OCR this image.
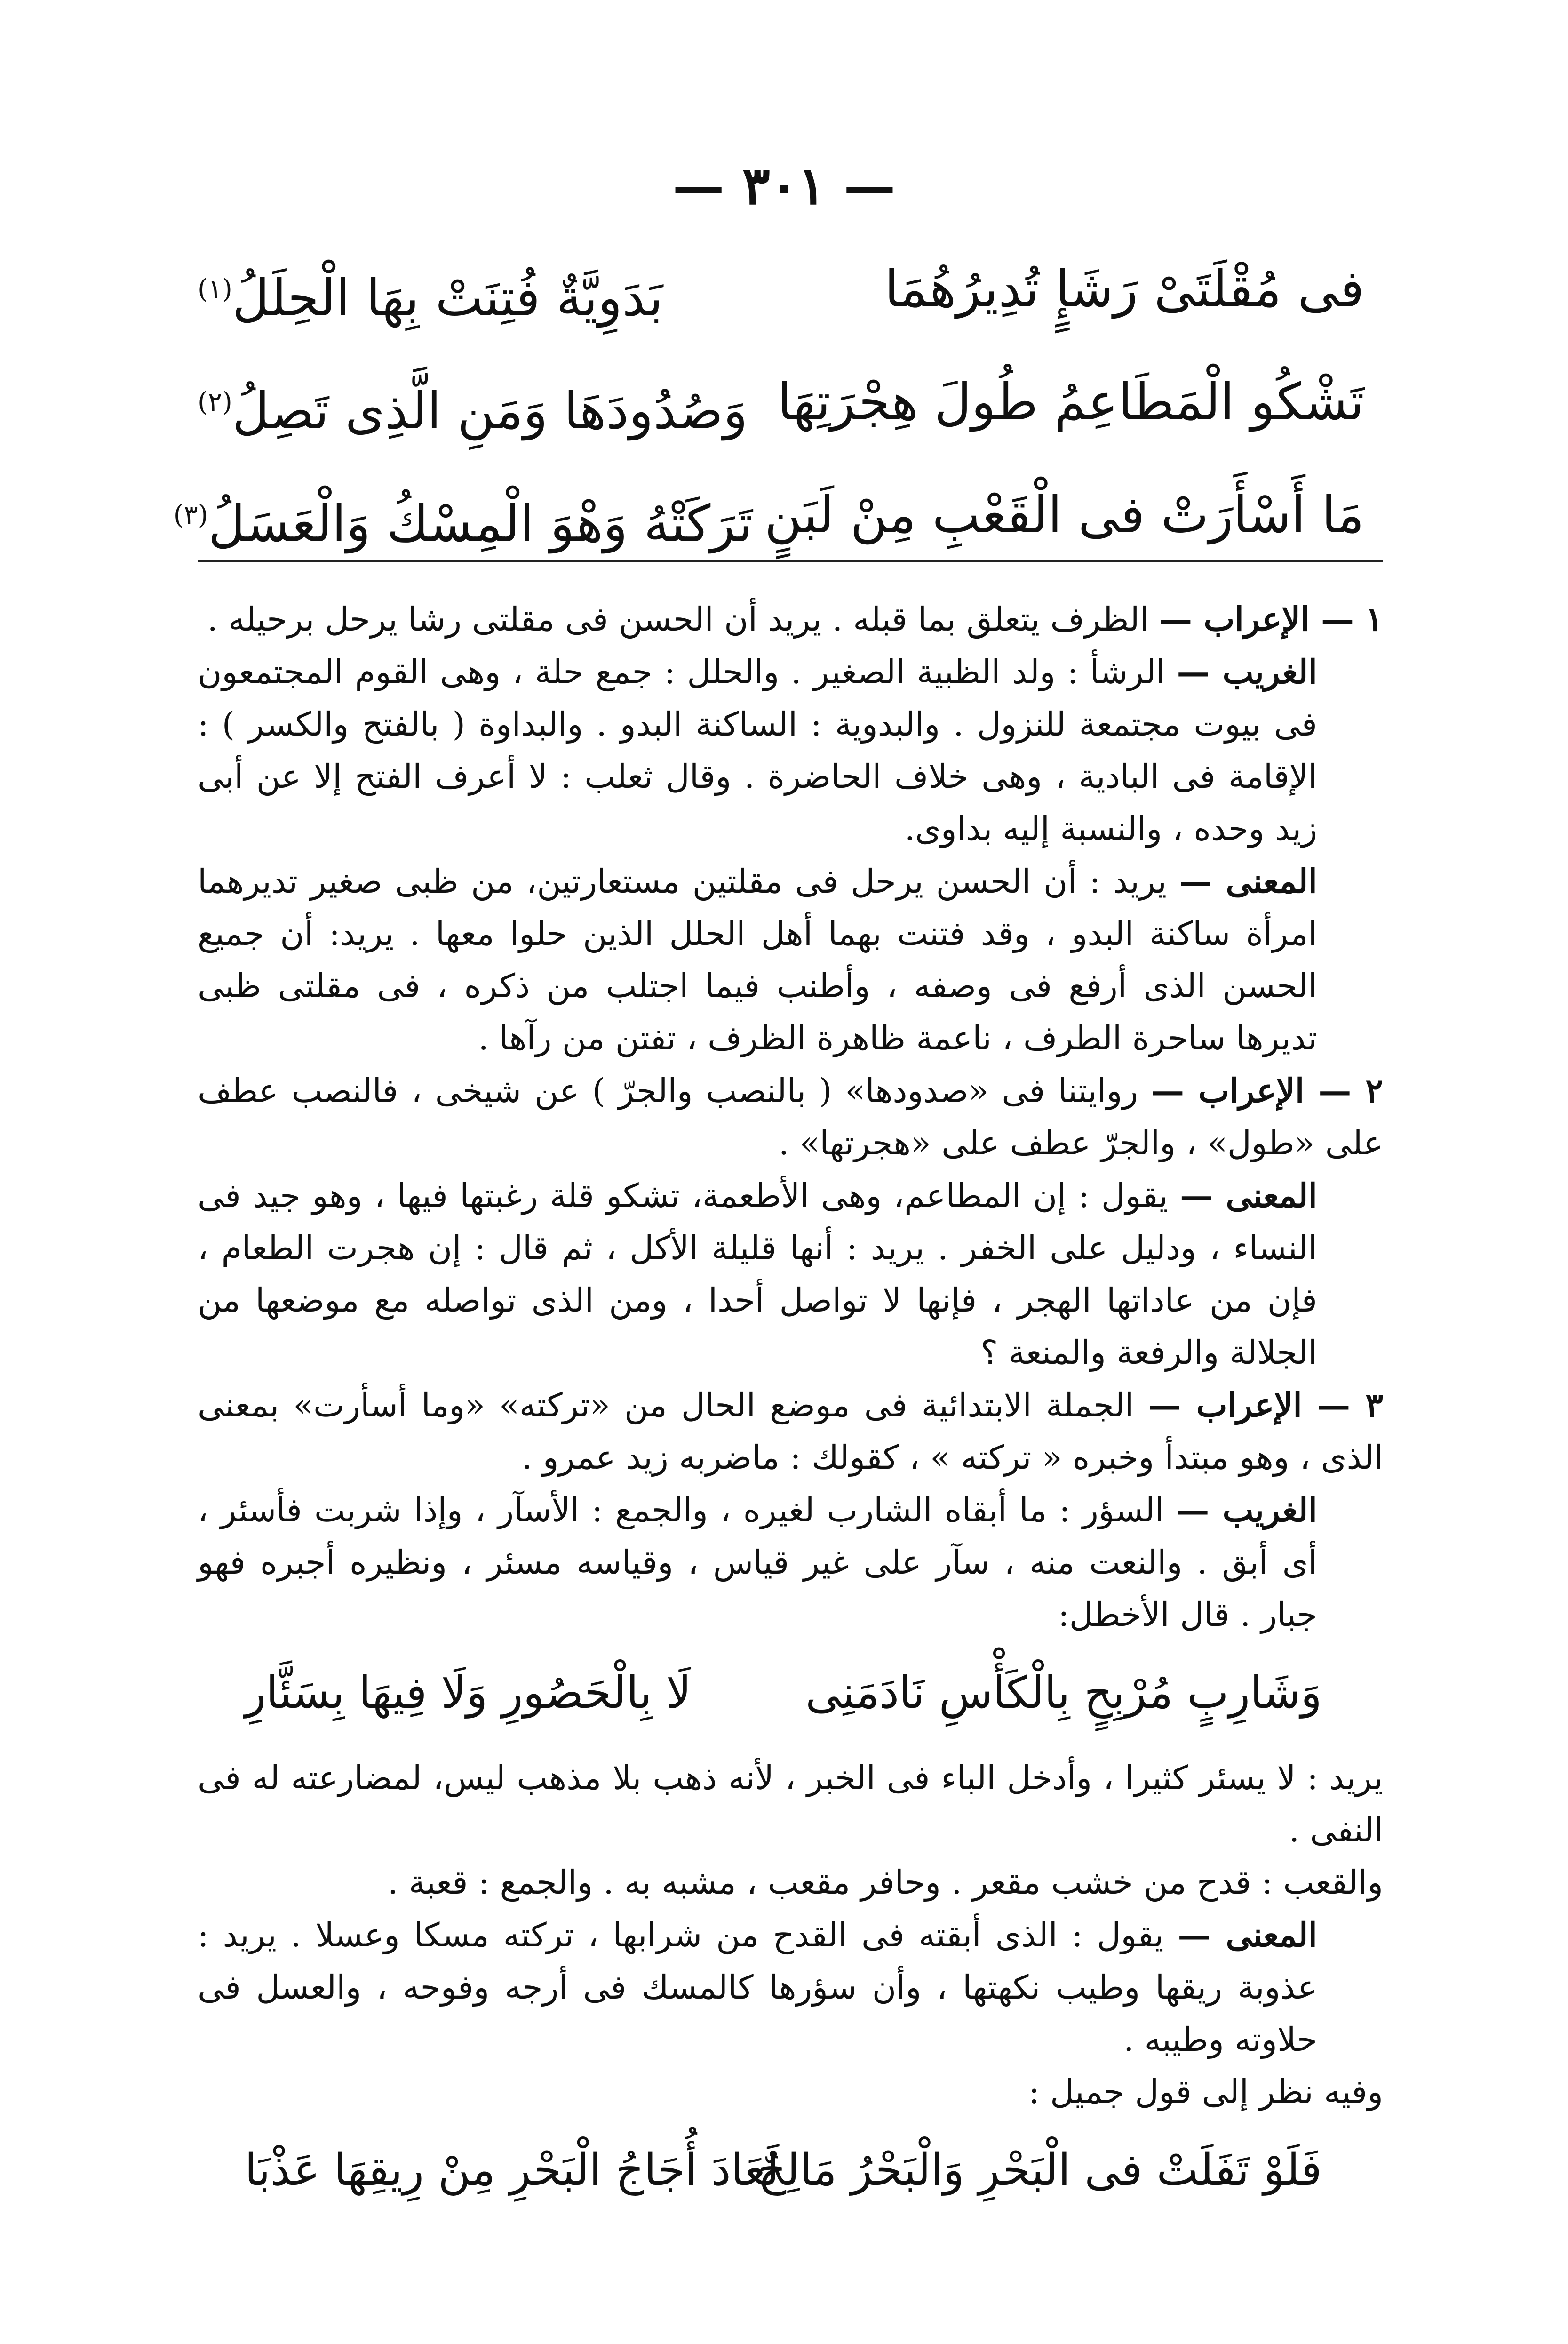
— ٣٠١ —
فى مُقْلَتَىْ رَشَإٍ تُدِيرُهُمَا
بَدَوِيَّةٌ فُتِنَتْ بِهَا الْحِلَلُ$^{(١)}$
تَشْكُو الْمَطَاعِمُ طُولَ هِجْرَتِهَا
وَصُدُودَهَا وَمَنِ الَّذِى تَصِلُ$^{(٢)}$
مَا أَسْأَرَتْ فى الْقَعْبِ مِنْ لَبَنٍ
تَرَكَتْهُ وَهْوَ الْمِسْكُ وَالْعَسَلُ$^{(٣)}$

١ — الإعراب — الظرف يتعلق بما قبله . يريد أن الحسن فى مقلتى رشا يرحل برحيله .

الغريب — الرشأ : ولد الظبية الصغير . والحلل : جمع حلة ، وهى القوم المجتمعون فى بيوت مجتمعة للنزول . والبدوية : الساكنة البدو . والبداوة ( بالفتح والكسر ) : الإقامة فى البادية ، وهى خلاف الحاضرة . وقال ثعلب : لا أعرف الفتح إلا عن أبى زيد وحده ، والنسبة إليه بداوى.

المعنى — يريد : أن الحسن يرحل فى مقلتين مستعارتين، من ظبى صغير تديرهما امرأة ساكنة البدو ، وقد فتنت بهما أهل الحلل الذين حلوا معها . يريد: أن جميع الحسن الذى أرفع فى وصفه ، وأطنب فيما اجتلب من ذكره ، فى مقلتى ظبى تديرها ساحرة الطرف ، ناعمة ظاهرة الظرف ، تفتن من رآها .

٢ — الإعراب — روايتنا فى «صدودها» ( بالنصب والجرّ ) عن شيخى ، فالنصب عطف على «طول» ، والجرّ عطف على «هجرتها» .

المعنى — يقول : إن المطاعم، وهى الأطعمة، تشكو قلة رغبتها فيها ، وهو جيد فى النساء ، ودليل على الخفر . يريد : أنها قليلة الأكل ، ثم قال : إن هجرت الطعام ، فإن من عاداتها الهجر ، فإنها لا تواصل أحدا ، ومن الذى تواصله مع موضعها من الجلالة والرفعة والمنعة ؟

٣ — الإعراب — الجملة الابتدائية فى موضع الحال من «تركته» «وما أسأرت» بمعنى الذى ، وهو مبتدأ وخبره « تركته » ، كقولك : ماضربه زيد عمرو .

الغريب — السؤر : ما أبقاه الشارب لغيره ، والجمع : الأسآر ، وإذا شربت فأسئر ، أى أبق . والنعت منه ، سآر على غير قياس ، وقياسه مسئر ، ونظيره أجبره فهو جبار . قال الأخطل:

وَشَارِبٍ مُرْبِحٍ بِالْكَأْسِ نَادَمَنِى
لَا بِالْحَصُورِ وَلَا فِيهَا بِسَئَّارِ

يريد : لا يسئر كثيرا ، وأدخل الباء فى الخبر ، لأنه ذهب بلا مذهب ليس، لمضارعته له فى النفى .

والقعب : قدح من خشب مقعر . وحافر مقعب ، مشبه به . والجمع : قعبة .

المعنى — يقول : الذى أبقته فى القدح من شرابها ، تركته مسكا وعسلا . يريد : عذوبة ريقها وطيب نكهتها ، وأن سؤرها كالمسك فى أرجه وفوحه ، والعسل فى حلاوته وطيبه .

وفيه نظر إلى قول جميل :

فَلَوْ تَفَلَتْ فى الْبَحْرِ وَالْبَحْرُ مَالِحٌ
لَعَادَ أُجَاجُ الْبَحْرِ مِنْ رِيقِهَا عَذْبَا
